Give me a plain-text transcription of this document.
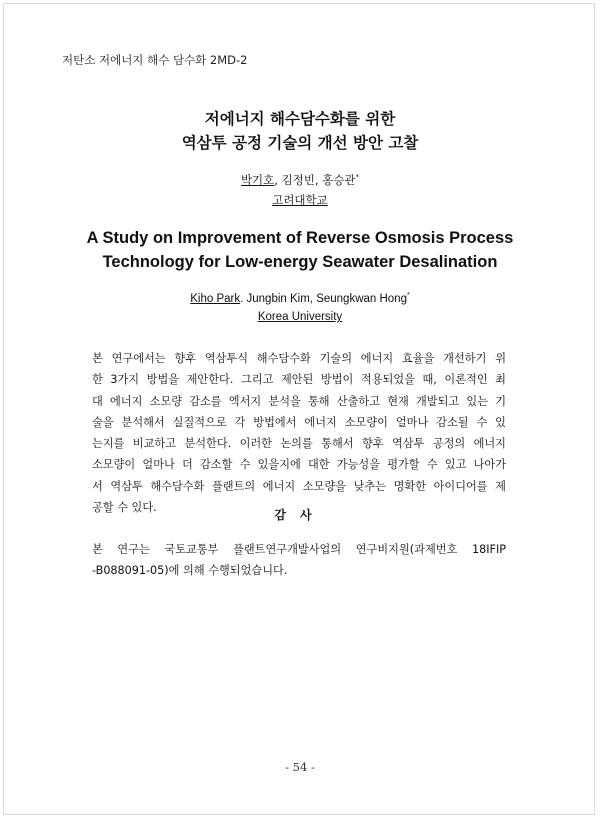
저탄소 저에너지 해수 담수화 2MD-2
저에너지 해수담수화를 위한
역삼투 공정 기술의 개선 방안 고찰
박기호, 김정빈, 홍승관*
고려대학교
A Study on Improvement of Reverse Osmosis Process
Technology for Low-energy Seawater Desalination
Kiho Park. Jungbin Kim, Seungkwan Hong*
Korea University
본 연구에서는 향후 역삼투식 해수담수화 기술의 에너지 효율을 개선하기 위
한 3가지 방법을 제안한다. 그리고 제안된 방법이 적용되었을 때, 이론적인 최
대 에너지 소모량 감소를 엑서지 분석을 통해 산출하고 현재 개발되고 있는 기
술을 분석해서 실질적으로 각 방법에서 에너지 소모량이 얼마나 감소될 수 있
는지를 비교하고 분석한다. 이러한 논의를 통해서 향후 역삼투 공정의 에너지
소모량이 얼마나 더 감소할 수 있을지에 대한 가능성을 평가할 수 있고 나아가
서 역삼투 해수담수화 플랜트의 에너지 소모량을 낮추는 명확한 아이디어를 제
공할 수 있다.
감사
본 연구는 국토교통부 플랜트연구개발사업의 연구비지원(과제번호 18IFIP
-B088091-05)에 의해 수행되었습니다.
- 54 -
